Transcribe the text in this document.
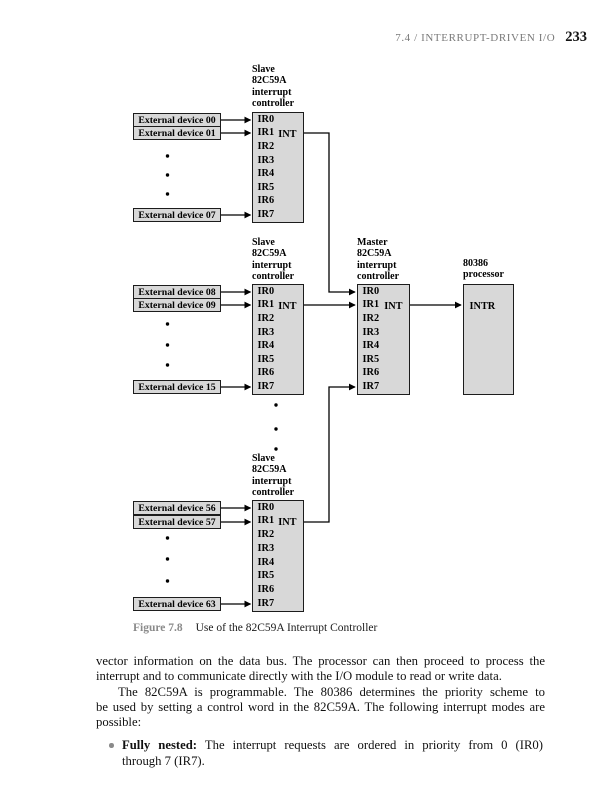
7.4 / INTERRUPT-DRIVEN I/O 233
Slave
82C59A
interrupt
controller
Slave
82C59A
interrupt
controller
Master
82C59A
interrupt
controller
80386
processor
Slave
82C59A
interrupt
controller
IR0
IR1
IR2
IR3
IR4
IR5
IR6
IR7
INT
IR0
IR1
IR2
IR3
IR4
IR5
IR6
IR7
INT
IR0
IR1
IR2
IR3
IR4
IR5
IR6
IR7
INT	INTR
IR0
IR1
IR2
IR3
IR4
IR5
IR6
IR7
INT
External device 00
External device 01
External device 07
External device 08
External device 09
External device 15
External device 56
External device 57
External device 63
Figure 7.8 Use of the 82C59A Interrupt Controller
vector information on the data bus. The processor can then proceed to process the
interrupt and to communicate directly with the I/O module to read or write data.
The 82C59A is programmable. The 80386 determines the priority scheme to
be used by setting a control word in the 82C59A. The following interrupt modes are
possible:
Fully nested: The interrupt requests are ordered in priority from 0 (IR0)
through 7 (IR7).
